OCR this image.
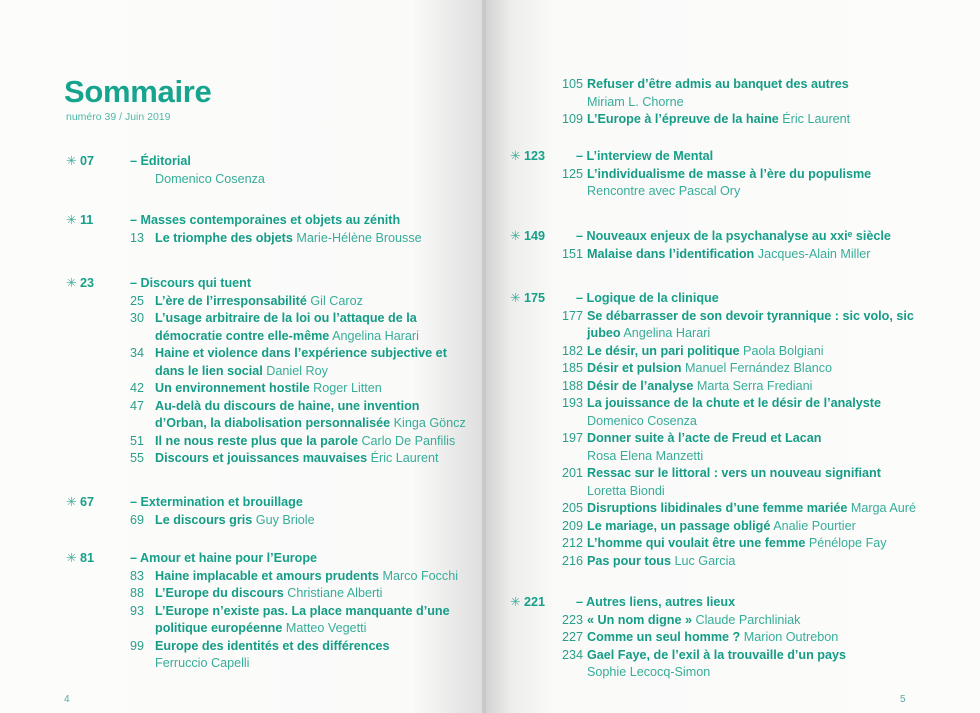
Sommaire
numéro 39 / Juin 2019
4
✳ 07	– Éditorial
Domenico Cosenza
✳ 11	– Masses contemporaines et objets au zénith
13 Le triomphe des objets Marie-Hélène Brousse
✳ 23	– Discours qui tuent
25 L’ère de l’irresponsabilité Gil Caroz
30 L’usage arbitraire de la loi ou l’attaque de la
démocratie contre elle-même Angelina Harari
34 Haine et violence dans l’expérience subjective et
dans le lien social Daniel Roy
42 Un environnement hostile Roger Litten
47 Au-delà du discours de haine, une invention
d’Orban, la diabolisation personnalisée Kinga Göncz
51 Il ne nous reste plus que la parole Carlo De Panfilis
55 Discours et jouissances mauvaises Éric Laurent
✳ 67	– Extermination et brouillage
69 Le discours gris Guy Briole
✳ 81	– Amour et haine pour l’Europe
83 Haine implacable et amours prudents Marco Focchi
88 L’Europe du discours Christiane Alberti
93 L’Europe n’existe pas. La place manquante d’une
politique européenne Matteo Vegetti
99 Europe des identités et des différences
Ferruccio Capelli
5
105 Refuser d’être admis au banquet des autres
Miriam L. Chorne
109 L’Europe à l’épreuve de la haine Éric Laurent
✳ 123	– L’interview de Mental
125 L’individualisme de masse à l’ère du populisme
Rencontre avec Pascal Ory
✳ 149	– Nouveaux enjeux de la psychanalyse au xxiᵉ siècle
151 Malaise dans l’identification Jacques-Alain Miller
✳ 175	– Logique de la clinique
177 Se débarrasser de son devoir tyrannique : sic volo, sic
jubeo Angelina Harari
182 Le désir, un pari politique Paola Bolgiani
185 Désir et pulsion Manuel Fernández Blanco
188 Désir de l’analyse Marta Serra Frediani
193 La jouissance de la chute et le désir de l’analyste
Domenico Cosenza
197 Donner suite à l’acte de Freud et Lacan
Rosa Elena Manzetti
201 Ressac sur le littoral : vers un nouveau signifiant
Loretta Biondi
205 Disruptions libidinales d’une femme mariée Marga Auré
209 Le mariage, un passage obligé Analie Pourtier
212 L’homme qui voulait être une femme Pénélope Fay
216 Pas pour tous Luc Garcia
✳ 221	– Autres liens, autres lieux
223 « Un nom digne » Claude Parchliniak
227 Comme un seul homme ? Marion Outrebon
234 Gael Faye, de l’exil à la trouvaille d’un pays
Sophie Lecocq-Simon
